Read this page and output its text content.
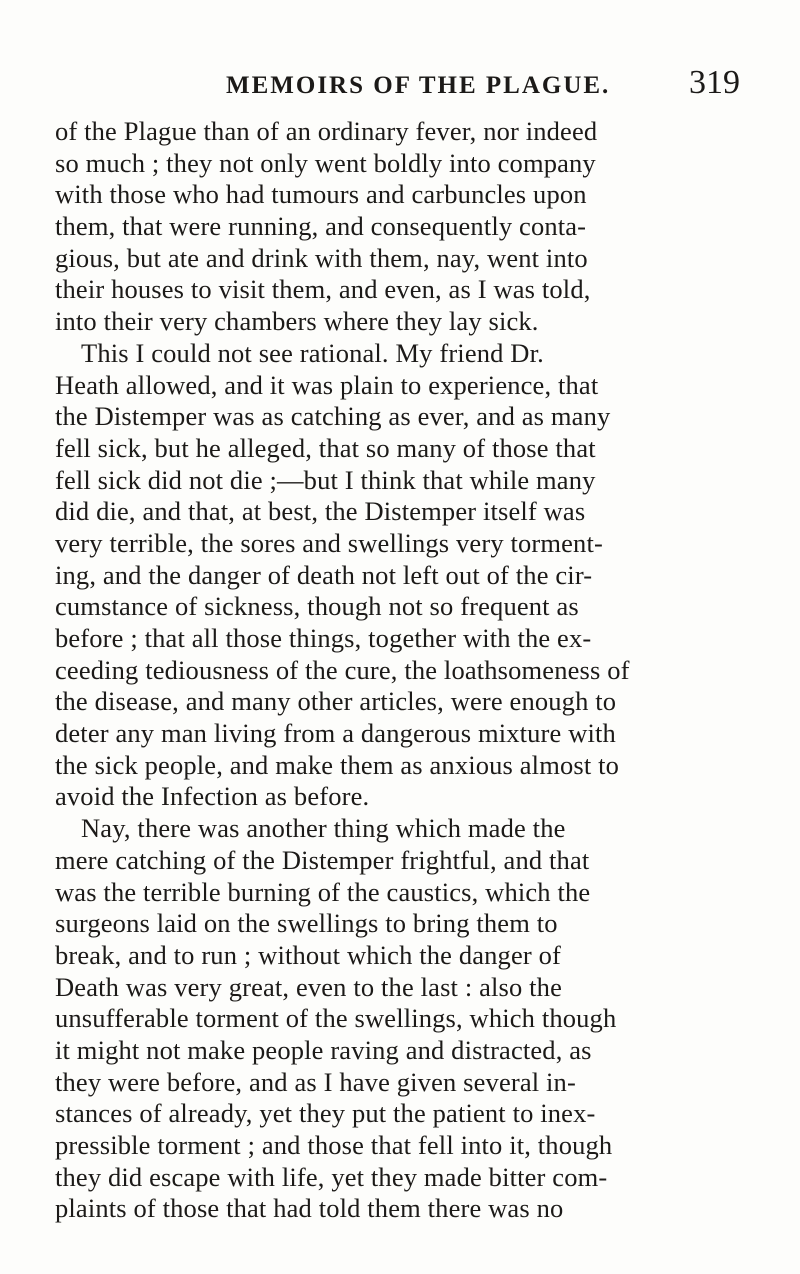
MEMOIRS OF THE PLAGUE. 319
of the Plague than of an ordinary fever, nor indeed
so much ; they not only went boldly into company
with those who had tumours and carbuncles upon
them, that were running, and consequently conta-
gious, but ate and drink with them, nay, went into
their houses to visit them, and even, as I was told,
into their very chambers where they lay sick.
This I could not see rational. My friend Dr.
Heath allowed, and it was plain to experience, that
the Distemper was as catching as ever, and as many
fell sick, but he alleged, that so many of those that
fell sick did not die ;—but I think that while many
did die, and that, at best, the Distemper itself was
very terrible, the sores and swellings very torment-
ing, and the danger of death not left out of the cir-
cumstance of sickness, though not so frequent as
before ; that all those things, together with the ex-
ceeding tediousness of the cure, the loathsomeness of
the disease, and many other articles, were enough to
deter any man living from a dangerous mixture with
the sick people, and make them as anxious almost to
avoid the Infection as before.
Nay, there was another thing which made the
mere catching of the Distemper frightful, and that
was the terrible burning of the caustics, which the
surgeons laid on the swellings to bring them to
break, and to run ; without which the danger of
Death was very great, even to the last : also the
unsufferable torment of the swellings, which though
it might not make people raving and distracted, as
they were before, and as I have given several in-
stances of already, yet they put the patient to inex-
pressible torment ; and those that fell into it, though
they did escape with life, yet they made bitter com-
plaints of those that had told them there was no
